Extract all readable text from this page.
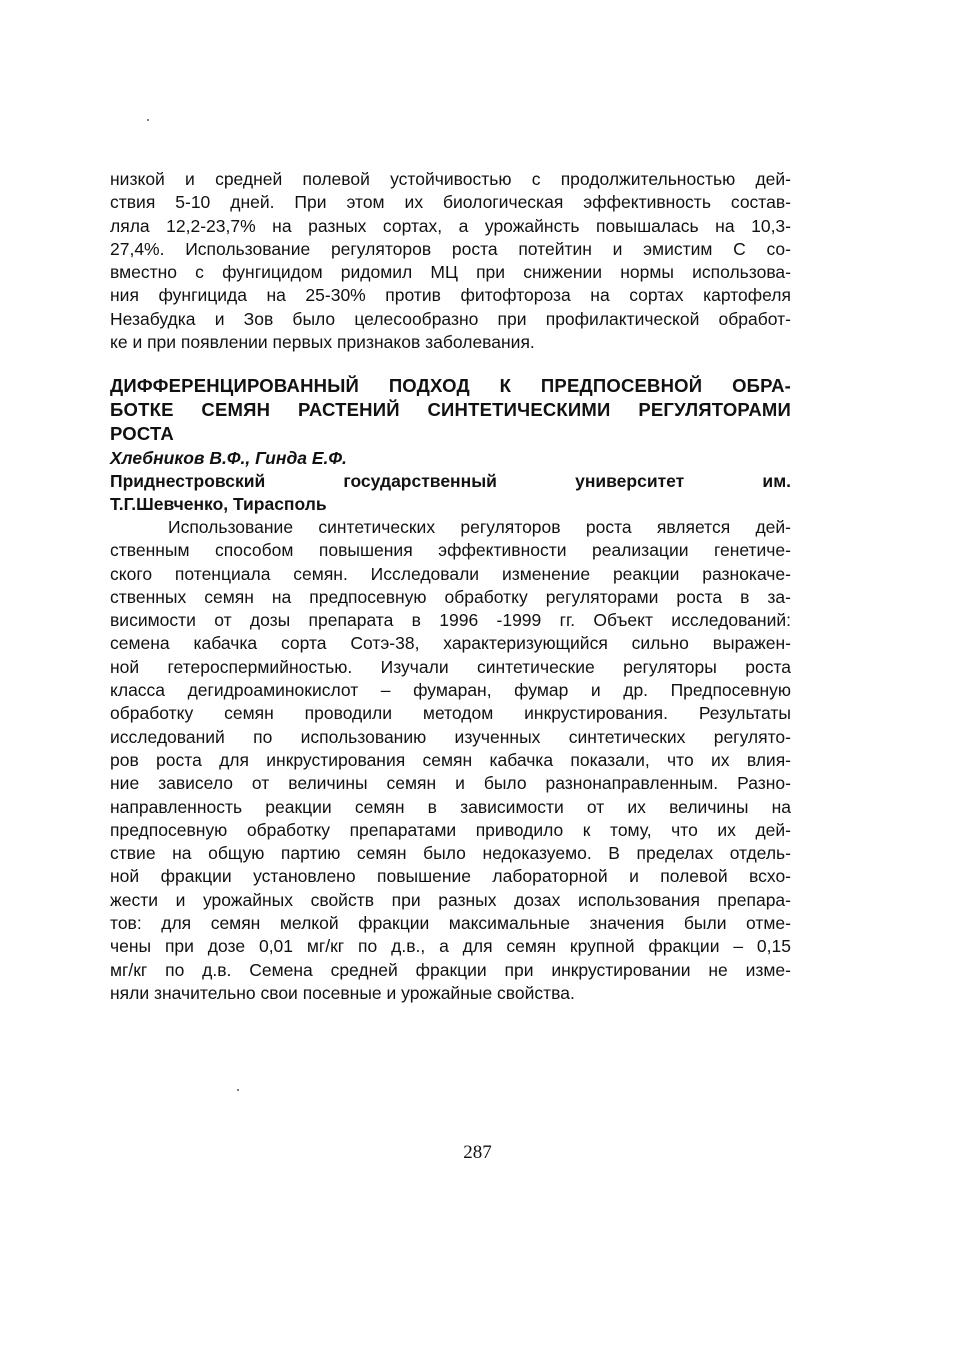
низкой и средней полевой устойчивостью с продолжительностью дей-
ствия 5-10 дней. При этом их биологическая эффективность состав-
ляла 12,2-23,7% на разных сортах, а урожайнсть повышалась на 10,3-
27,4%. Использование регуляторов роста потейтин и эмистим С со-
вместно с фунгицидом ридомил МЦ при снижении нормы использова-
ния фунгицида на 25-30% против фитофтороза на сортах картофеля
Незабудка и Зов было целесообразно при профилактической обработ-
ке и при появлении первых признаков заболевания.
ДИФФЕРЕНЦИРОВАННЫЙ ПОДХОД К ПРЕДПОСЕВНОЙ ОБРА-
БОТКЕ СЕМЯН РАСТЕНИЙ СИНТЕТИЧЕСКИМИ РЕГУЛЯТОРАМИ
РОСТА
Хлебников В.Ф., Гинда Е.Ф.
Приднестровский государственный университет им.
Т.Г.Шевченко, Тирасполь
Использование синтетических регуляторов роста является дей-
ственным способом повышения эффективности реализации генетиче-
ского потенциала семян. Исследовали изменение реакции разнокаче-
ственных семян на предпосевную обработку регуляторами роста в за-
висимости от дозы препарата в 1996 -1999 гг. Объект исследований:
семена кабачка сорта Сотэ-38, характеризующийся сильно выражен-
ной гетероспермийностью. Изучали синтетические регуляторы роста
класса дегидроаминокислот – фумаран, фумар и др. Предпосевную
обработку семян проводили методом инкрустирования. Результаты
исследований по использованию изученных синтетических регулято-
ров роста для инкрустирования семян кабачка показали, что их влия-
ние зависело от величины семян и было разнонаправленным. Разно-
направленность реакции семян в зависимости от их величины на
предпосевную обработку препаратами приводило к тому, что их дей-
ствие на общую партию семян было недоказуемо. В пределах отдель-
ной фракции установлено повышение лабораторной и полевой всхо-
жести и урожайных свойств при разных дозах использования препара-
тов: для семян мелкой фракции максимальные значения были отме-
чены при дозе 0,01 мг/кг по д.в., а для семян крупной фракции – 0,15
мг/кг по д.в. Семена средней фракции при инкрустировании не изме-
няли значительно свои посевные и урожайные свойства.
287
